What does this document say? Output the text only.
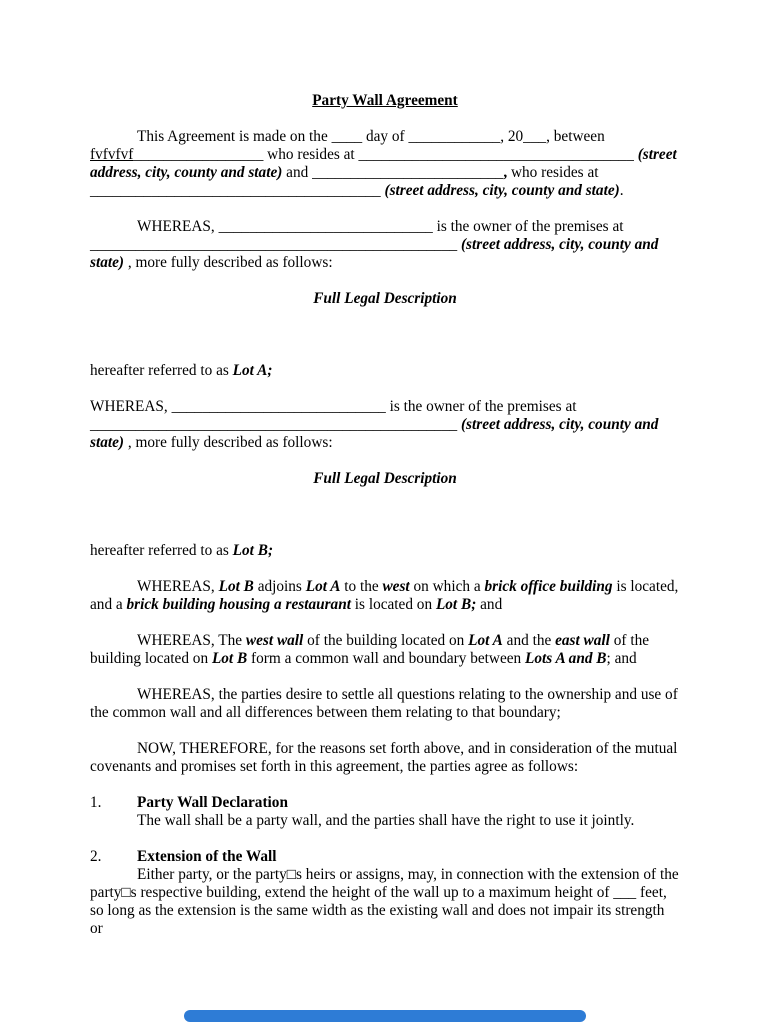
Party Wall Agreement

This Agreement is made on the ____ day of ____________, 20___, between fvfvfvf_________________ who resides at ____________________________________ (street address, city, county and state) and _________________________, who resides at ______________________________________ (street address, city, county and state).

WHEREAS, ____________________________ is the owner of the premises at ________________________________________________ (street address, city, county and state) , more fully described as follows:

Full Legal Description

hereafter referred to as Lot A;

WHEREAS, ____________________________ is the owner of the premises at ________________________________________________ (street address, city, county and state) , more fully described as follows:

Full Legal Description

hereafter referred to as Lot B;

WHEREAS, Lot B adjoins Lot A to the west on which a brick office building is located, and a brick building housing a restaurant is located on Lot B; and

WHEREAS, The west wall of the building located on Lot A and the east wall of the building located on Lot B form a common wall and boundary between Lots A and B; and

WHEREAS, the parties desire to settle all questions relating to the ownership and use of the common wall and all differences between them relating to that boundary;

NOW, THEREFORE, for the reasons set forth above, and in consideration of the mutual covenants and promises set forth in this agreement, the parties agree as follows:

1. Party Wall Declaration

The wall shall be a party wall, and the parties shall have the right to use it jointly.

2. Extension of the Wall

Either party, or the party□s heirs or assigns, may, in connection with the extension of the party□s respective building, extend the height of the wall up to a maximum height of ___ feet, so long as the extension is the same width as the existing wall and does not impair its strength or
